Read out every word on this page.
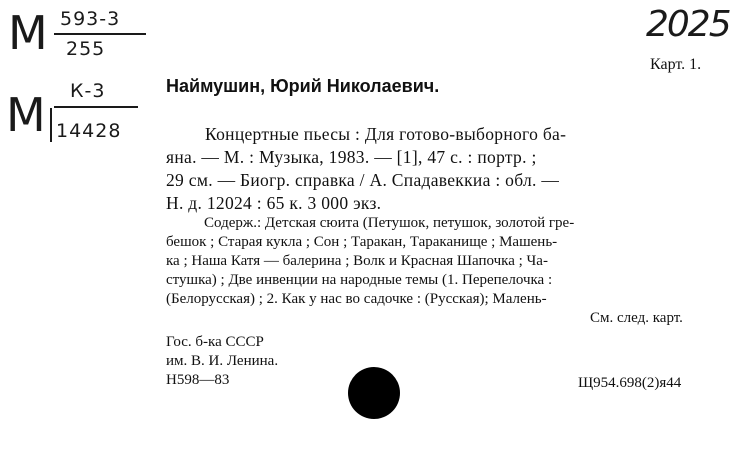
М 593-3
255
М К-3
14428
2025
Карт. 1.
Наймушин, Юрий Николаевич.
Концертные пьесы : Для готово-выборного ба-
яна. — М. : Музыка, 1983. — [1], 47 с. : портр. ;
29 см. — Биогр. справка / А. Спадавеккиа : обл. —
Н. д. 12024 : 65 к. 3 000 экз.
Содерж.: Детская сюита (Петушок, петушок, золотой гре-
бешок ; Старая кукла ; Сон ; Таракан, Тараканище ; Машень-
ка ; Наша Катя — балерина ; Волк и Красная Шапочка ; Ча-
стушка) ; Две инвенции на народные темы (1. Перепелочка :
(Белорусская) ; 2. Как у нас во садочке : (Русская); Малень-
См. след. карт.
Гос. б-ка СССР
им. В. И. Ленина.
Н598—83	Щ954.698(2)я44
